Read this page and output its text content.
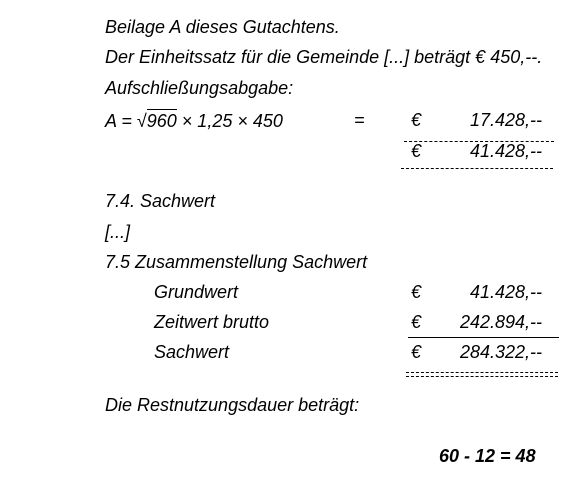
Beilage A dieses Gutachtens.
Der Einheitssatz für die Gemeinde [...] beträgt € 450,--.
Aufschließungsabgabe:
A = √960 × 1,25 × 450	=	€	17.428,--
€	41.428,--
7.4. Sachwert
[...]
7.5 Zusammenstellung Sachwert
Grundwert	€	41.428,--
Zeitwert brutto	€	242.894,--
Sachwert	€	284.322,--
Die Restnutzungsdauer beträgt:
60 - 12 = 48
